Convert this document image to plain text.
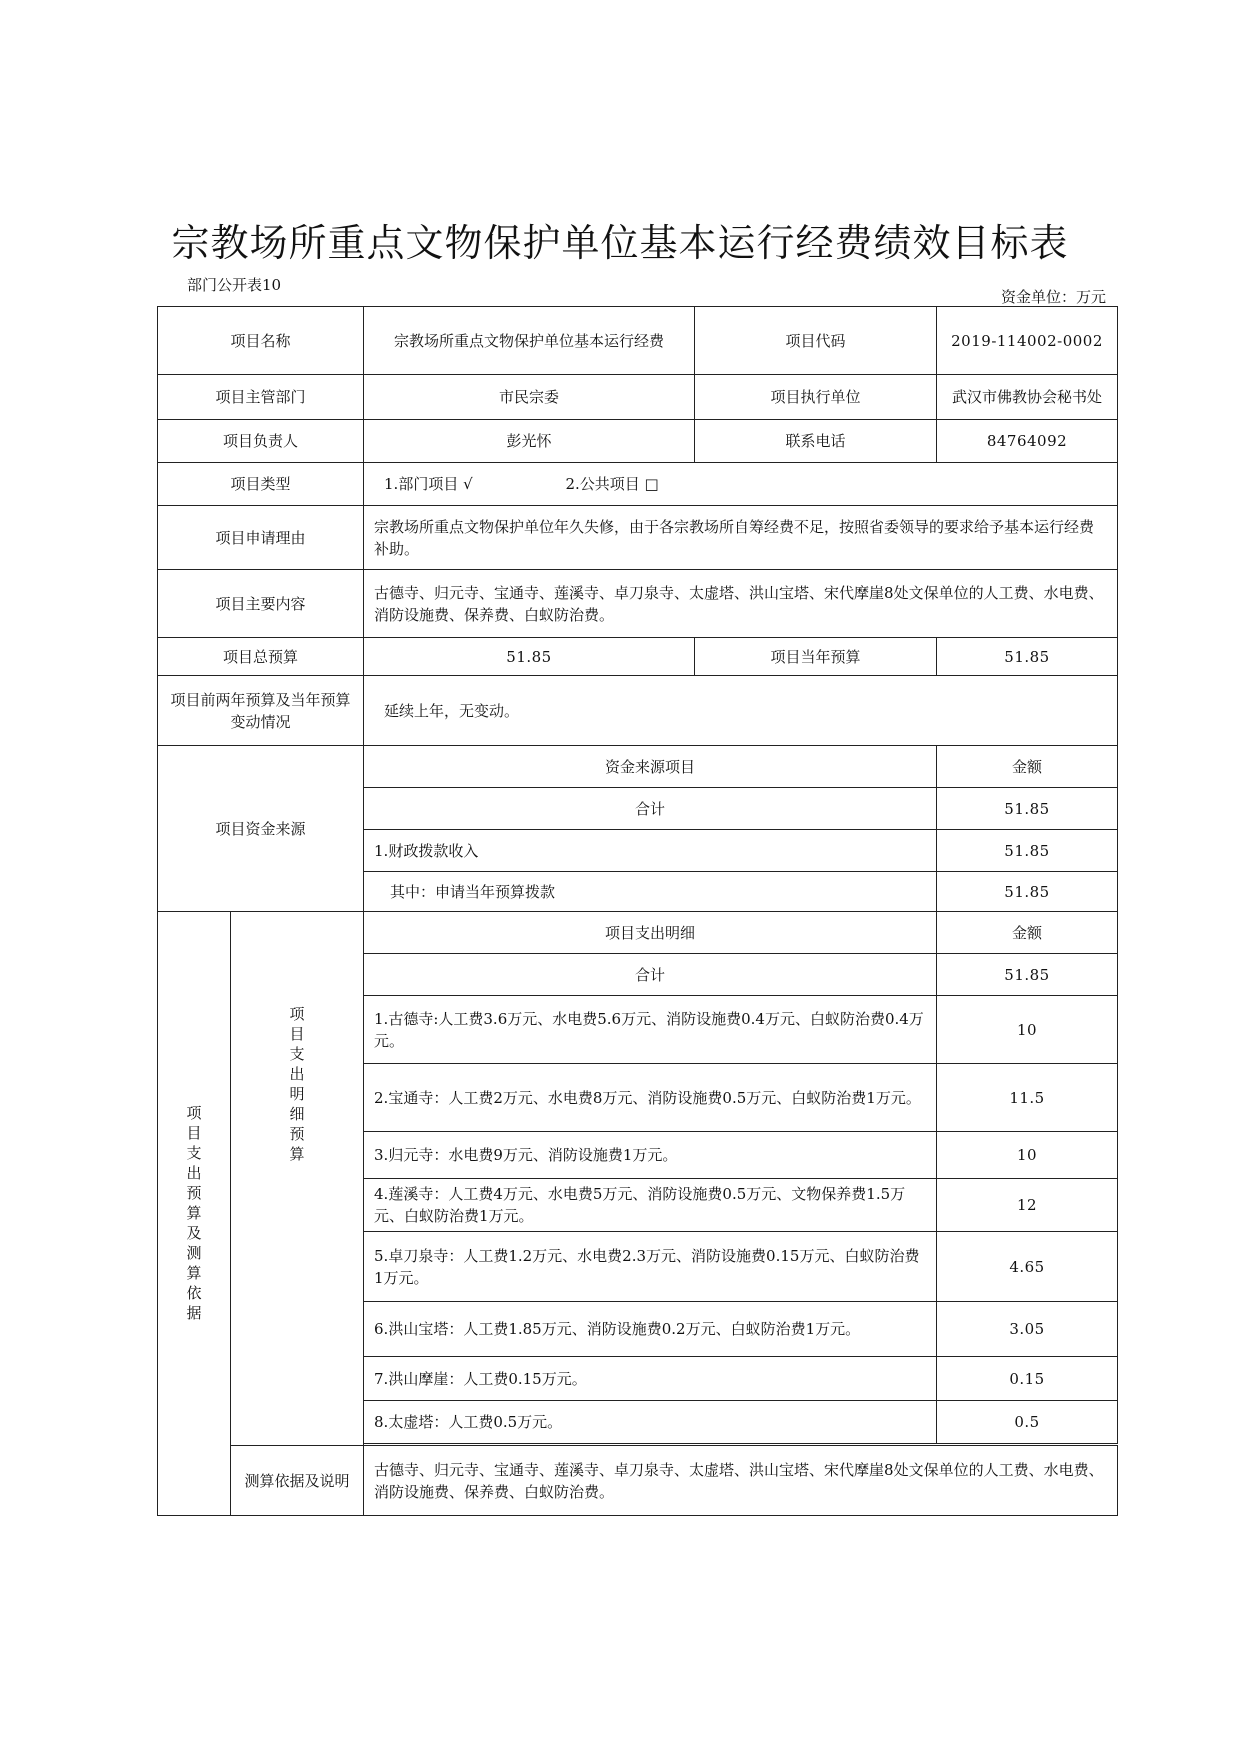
宗教场所重点文物保护单位基本运行经费绩效目标表
部门公开表10
资金单位：万元
项目名称		宗教场所重点文物保护单位基本运行经费	项目代码	2019-114002-0002
项目主管部门		市民宗委	项目执行单位	武汉市佛教协会秘书处
项目负责人		彭光怀	联系电话	84764092
项目类型		1.部门项目 √ 2.公共项目 □		
项目申请理由		宗教场所重点文物保护单位年久失修，由于各宗教场所自筹经费不足，按照省委领导的要求给予基本运行经费补助。		
项目主要内容		古德寺、归元寺、宝通寺、莲溪寺、卓刀泉寺、太虚塔、洪山宝塔、宋代摩崖8处文保单位的人工费、水电费、消防设施费、保养费、白蚁防治费。		
项目总预算		51.85	项目当年预算	51.85
项目前两年预算及当年预算变动情况		延续上年，无变动。		
项目资金来源		资金来源项目		金额
		合计		51.85
		1.财政拨款收入		51.85
		其中：申请当年预算拨款		51.85
项目支出预算及测算依据	项目支出明细预算	项目支出明细		金额
		合计		51.85
		1.古德寺:人工费3.6万元、水电费5.6万元、消防设施费0.4万元、白蚁防治费0.4万元。		10
		2.宝通寺：人工费2万元、水电费8万元、消防设施费0.5万元、白蚁防治费1万元。		11.5
		3.归元寺：水电费9万元、消防设施费1万元。		10
		4.莲溪寺：人工费4万元、水电费5万元、消防设施费0.5万元、文物保养费1.5万元、白蚁防治费1万元。		12
		5.卓刀泉寺：人工费1.2万元、水电费2.3万元、消防设施费0.15万元、白蚁防治费1万元。		4.65
		6.洪山宝塔：人工费1.85万元、消防设施费0.2万元、白蚁防治费1万元。		3.05
		7.洪山摩崖：人工费0.15万元。		0.15
		8.太虚塔：人工费0.5万元。		0.5

	测算依据及说明	古德寺、归元寺、宝通寺、莲溪寺、卓刀泉寺、太虚塔、洪山宝塔、宋代摩崖8处文保单位的人工费、水电费、消防设施费、保养费、白蚁防治费。		
